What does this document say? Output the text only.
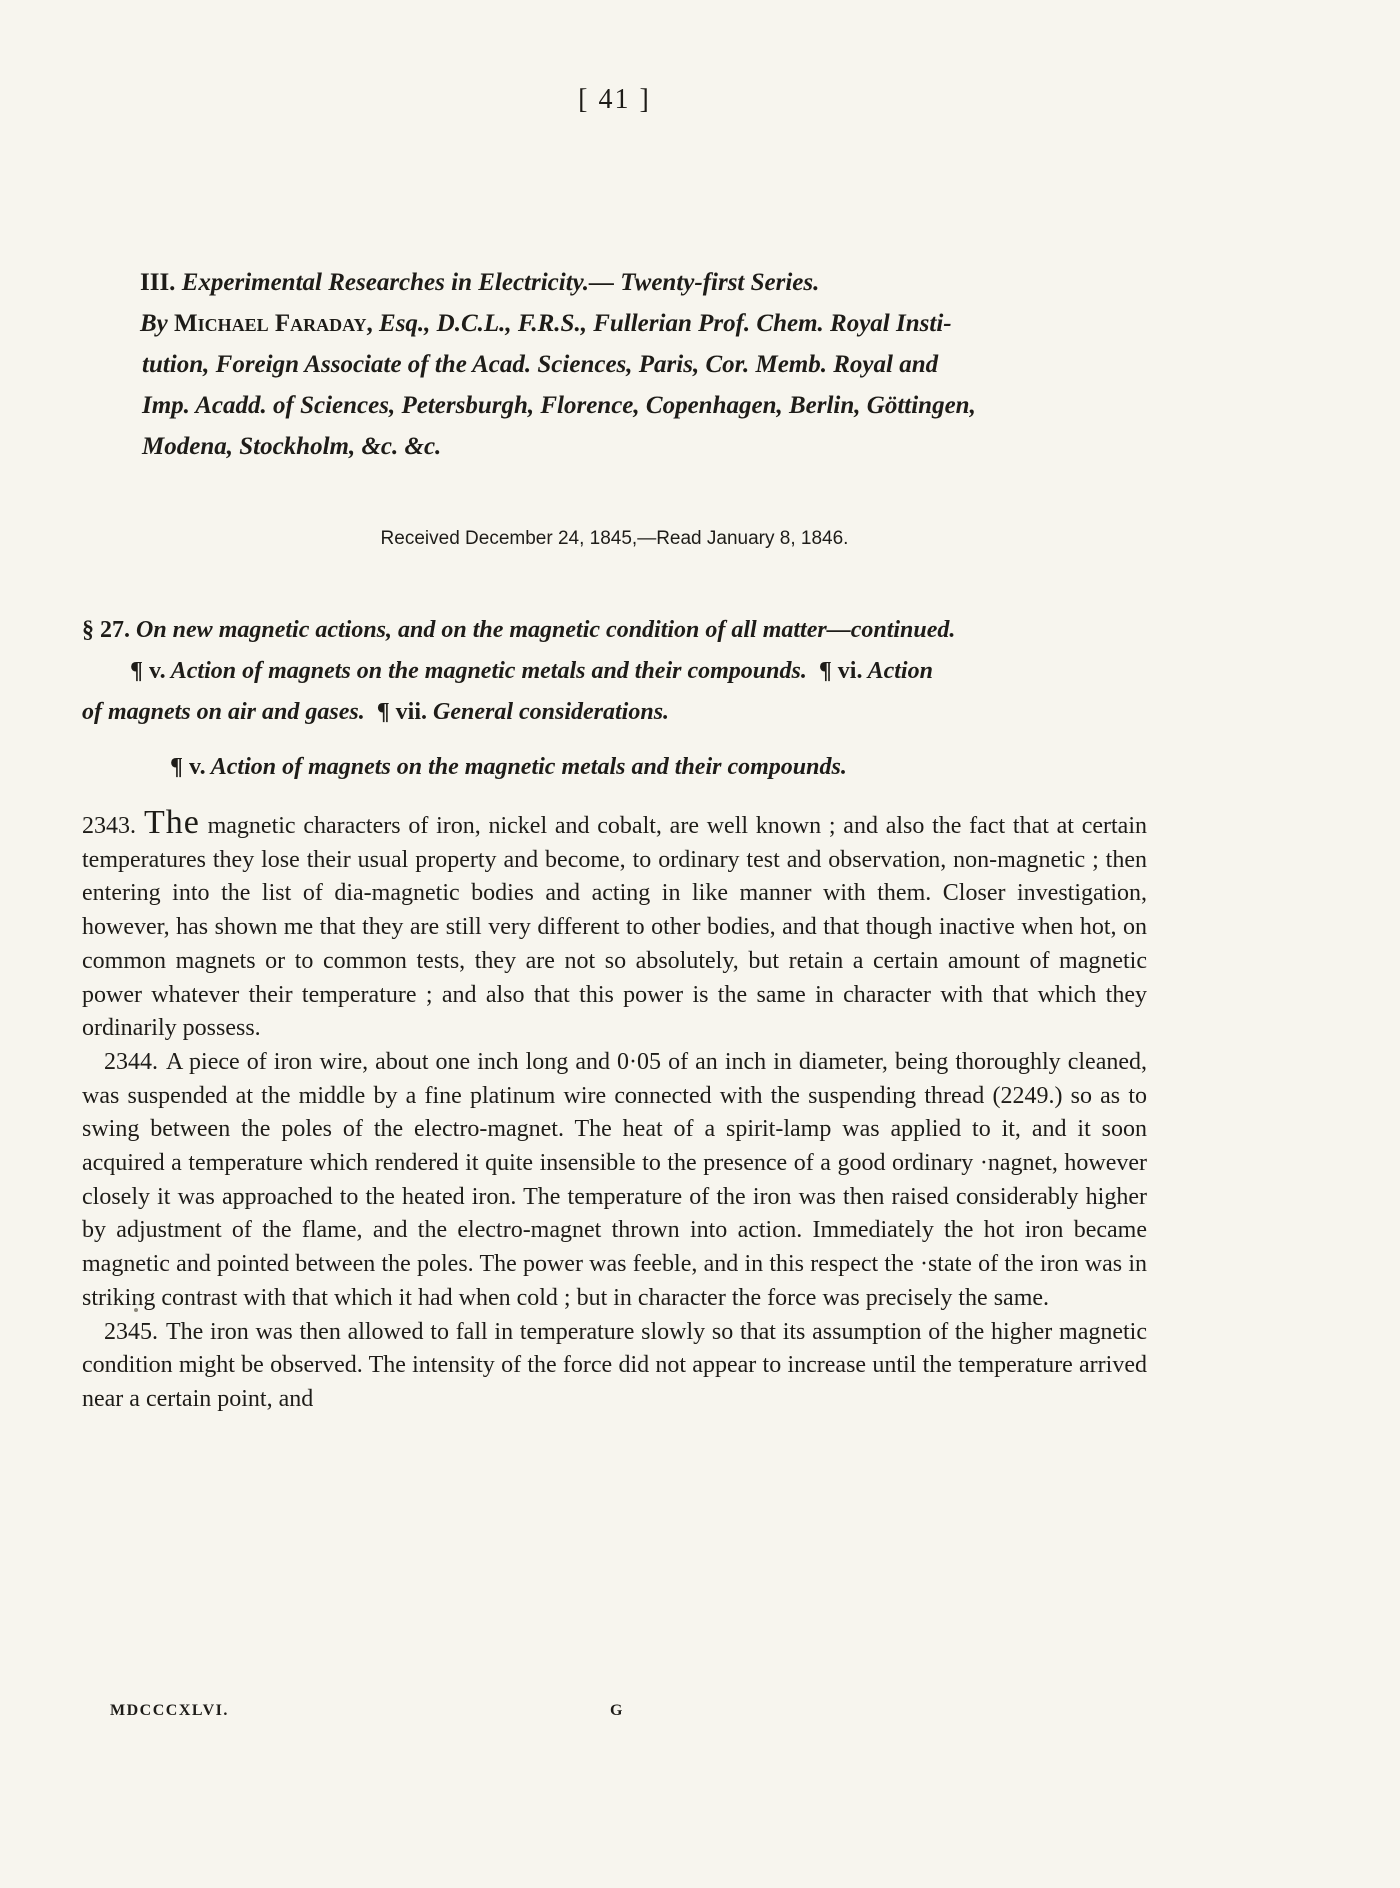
[ 41 ]
III. Experimental Researches in Electricity.— Twenty-first Series.
By Michael Faraday, Esq., D.C.L., F.R.S., Fullerian Prof. Chem. Royal Insti-
tution, Foreign Associate of the Acad. Sciences, Paris, Cor. Memb. Royal and
Imp. Acadd. of Sciences, Petersburgh, Florence, Copenhagen, Berlin, Göttingen,
Modena, Stockholm, &c. &c.
Received December 24, 1845,—Read January 8, 1846.
§ 27. On new magnetic actions, and on the magnetic condition of all matter—continued.
¶ v. Action of magnets on the magnetic metals and their compounds. ¶ vi. Action
of magnets on air and gases. ¶ vii. General considerations.
¶ v. Action of magnets on the magnetic metals and their compounds.

2343. The magnetic characters of iron, nickel and cobalt, are well known ; and also the fact that at certain temperatures they lose their usual property and become, to ordinary test and observation, non-magnetic ; then entering into the list of dia-magnetic bodies and acting in like manner with them. Closer investigation, however, has shown me that they are still very different to other bodies, and that though inactive when hot, on common magnets or to common tests, they are not so absolutely, but retain a certain amount of magnetic power whatever their temperature ; and also that this power is the same in character with that which they ordinarily possess.

2344. A piece of iron wire, about one inch long and 0·05 of an inch in diameter, being thoroughly cleaned, was suspended at the middle by a fine platinum wire connected with the suspending thread (2249.) so as to swing between the poles of the electro-magnet. The heat of a spirit-lamp was applied to it, and it soon acquired a temperature which rendered it quite insensible to the presence of a good ordinary ·nagnet, however closely it was approached to the heated iron. The temperature of the iron was then raised considerably higher by adjustment of the flame, and the electro-magnet thrown into action. Immediately the hot iron became magnetic and pointed between the poles. The power was feeble, and in this respect the ·state of the iron was in striking contrast with that which it had when cold ; but in character the force was precisely the same.

2345. The iron was then allowed to fall in temperature slowly so that its assumption of the higher magnetic condition might be observed. The intensity of the force did not appear to increase until the temperature arrived near a certain point, and

MDCCCXLVI.	G
